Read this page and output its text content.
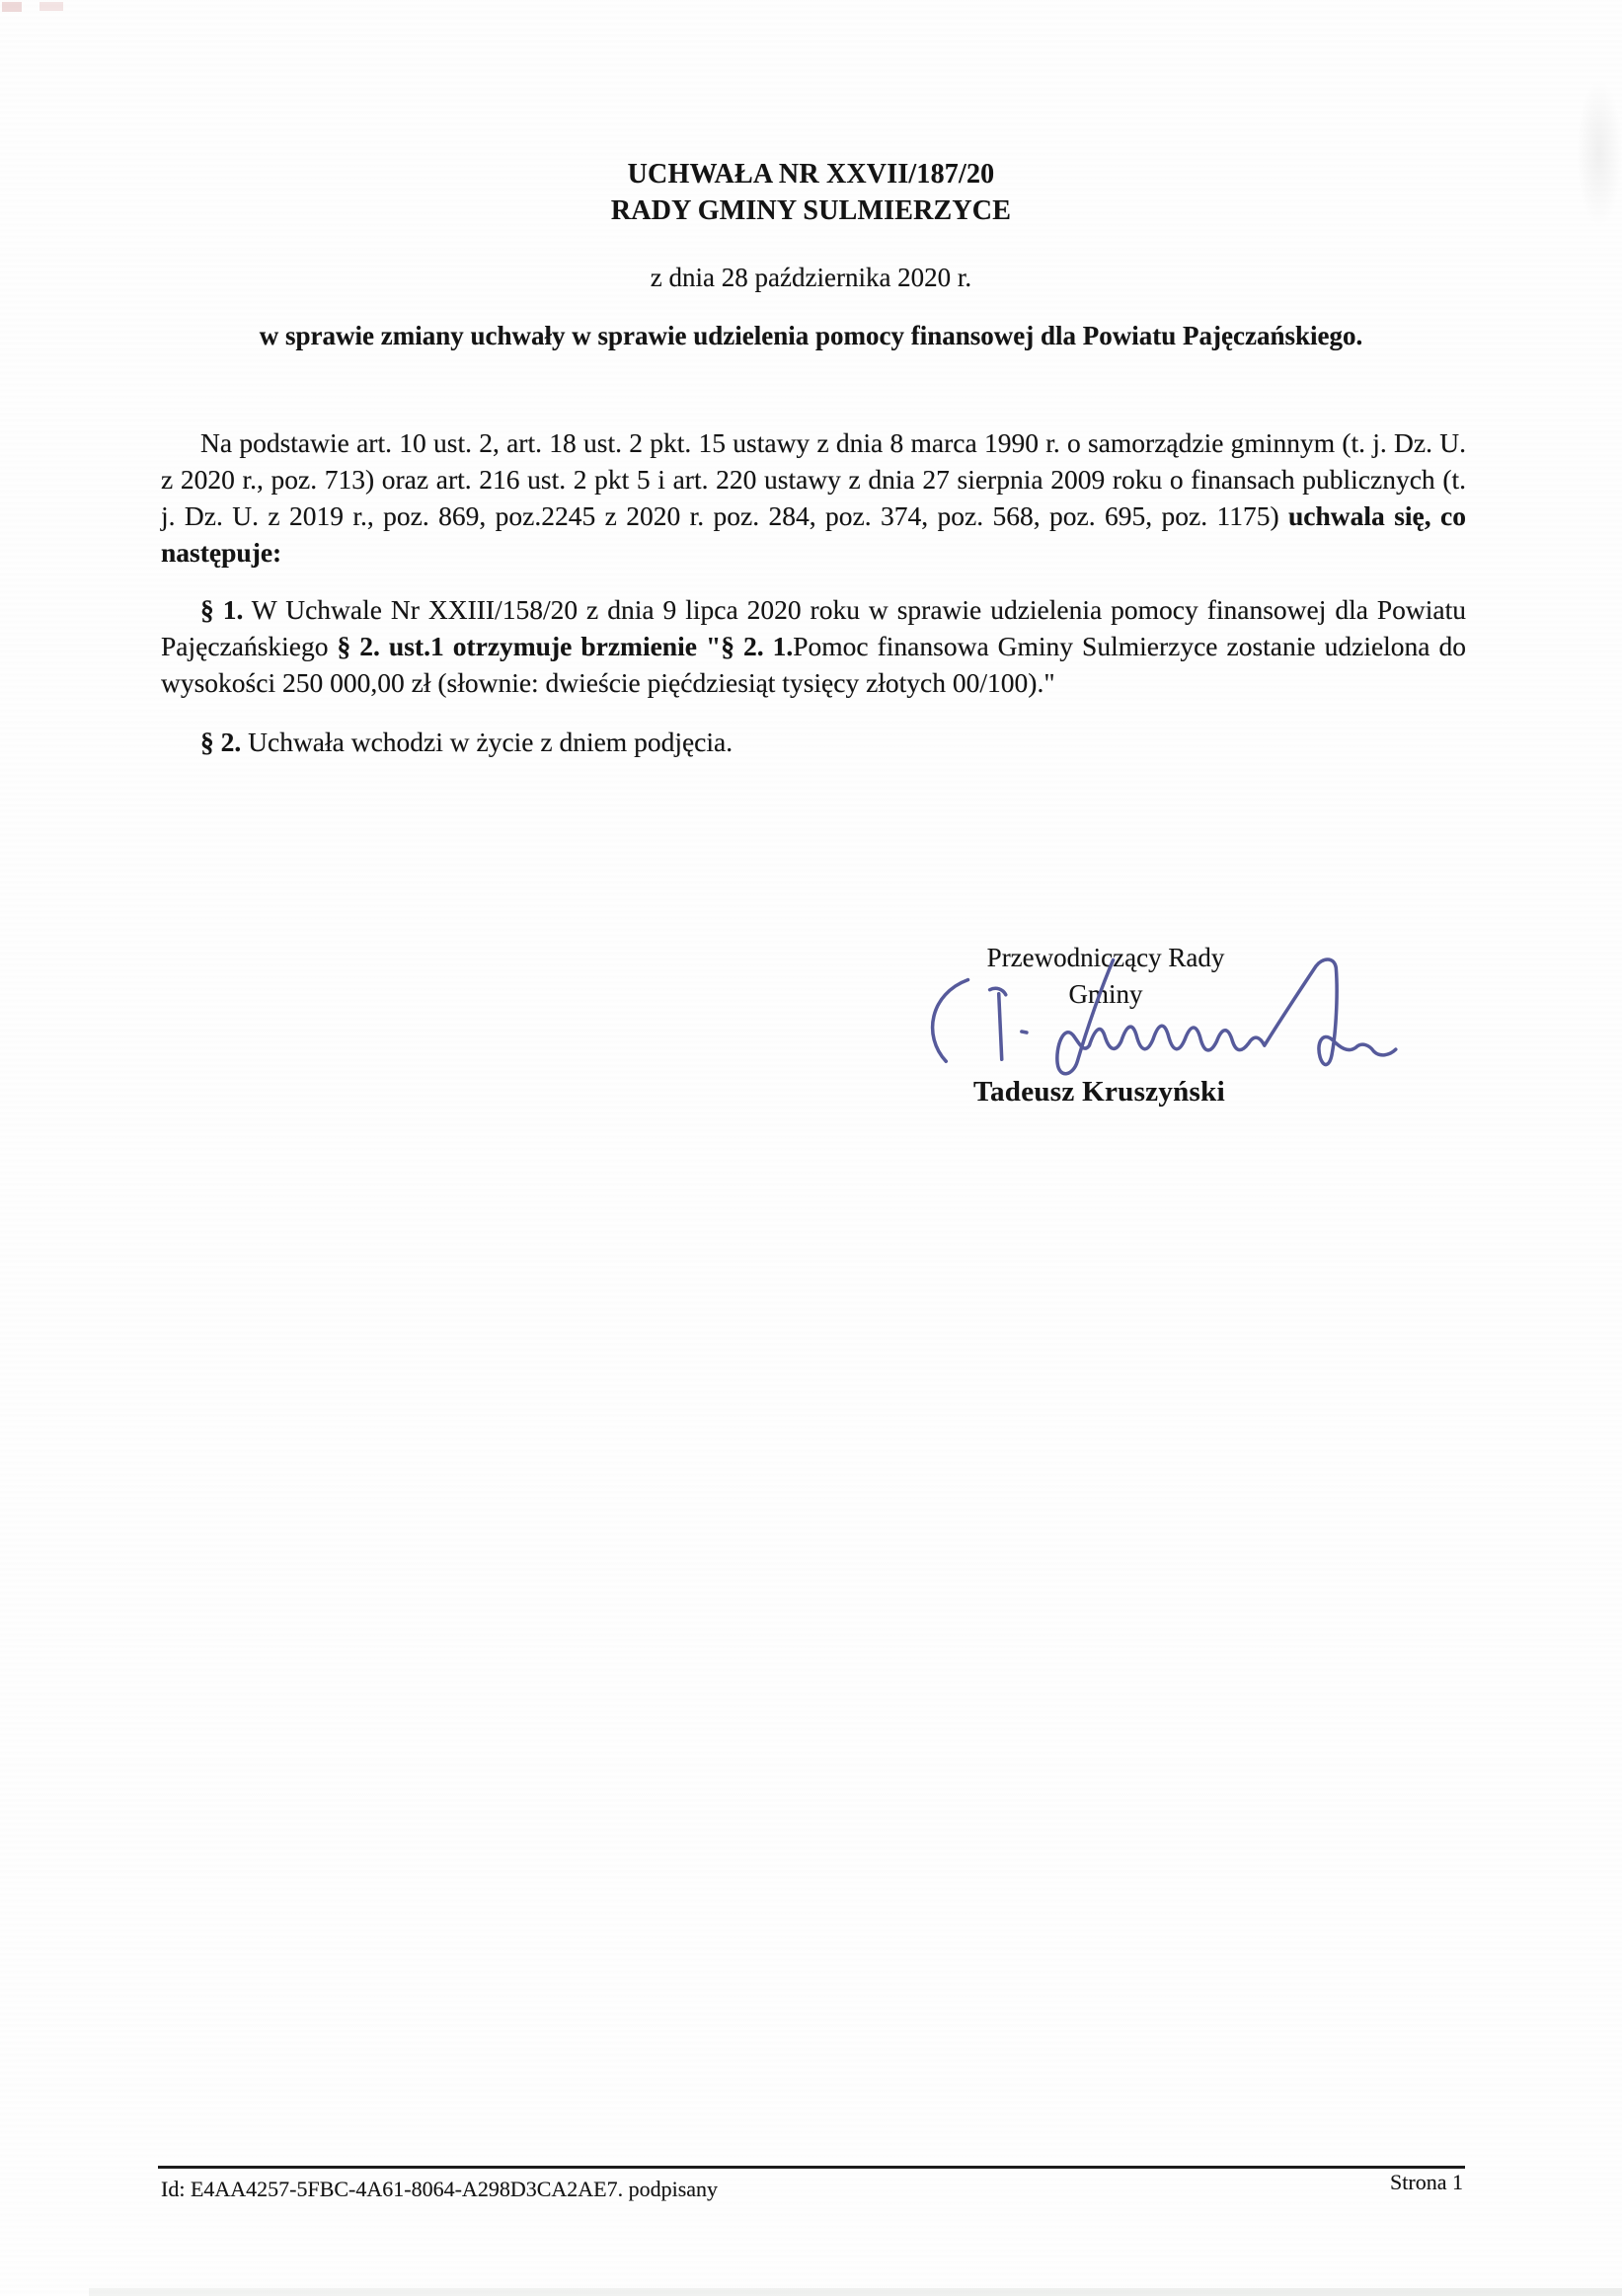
UCHWAŁA NR XXVII/187/20
RADY GMINY SULMIERZYCE
z dnia 28 października 2020 r.
w sprawie zmiany uchwały w sprawie udzielenia pomocy finansowej dla Powiatu Pajęczańskiego.

Na podstawie art. 10 ust. 2, art. 18 ust. 2 pkt. 15 ustawy z dnia 8 marca 1990 r. o samorządzie gminnym (t. j. Dz. U. z 2020 r., poz. 713) oraz art. 216 ust. 2 pkt 5 i art. 220 ustawy z dnia 27 sierpnia 2009 roku o finansach publicznych (t. j. Dz. U. z 2019 r., poz. 869, poz.2245 z 2020 r. poz. 284, poz. 374, poz. 568, poz. 695, poz. 1175) uchwala się, co następuje:

§ 1. W Uchwale Nr XXIII/158/20 z dnia 9 lipca 2020 roku w sprawie udzielenia pomocy finansowej dla Powiatu Pajęczańskiego § 2. ust.1 otrzymuje brzmienie "§ 2. 1.Pomoc finansowa Gminy Sulmierzyce zostanie udzielona do wysokości 250 000,00 zł (słownie: dwieście pięćdziesiąt tysięcy złotych 00/100)."

§ 2. Uchwała wchodzi w życie z dniem podjęcia.

Przewodniczący Rady
Gminy
Tadeusz Kruszyński
Id: E4AA4257-5FBC-4A61-8064-A298D3CA2AE7. podpisany	Strona 1
